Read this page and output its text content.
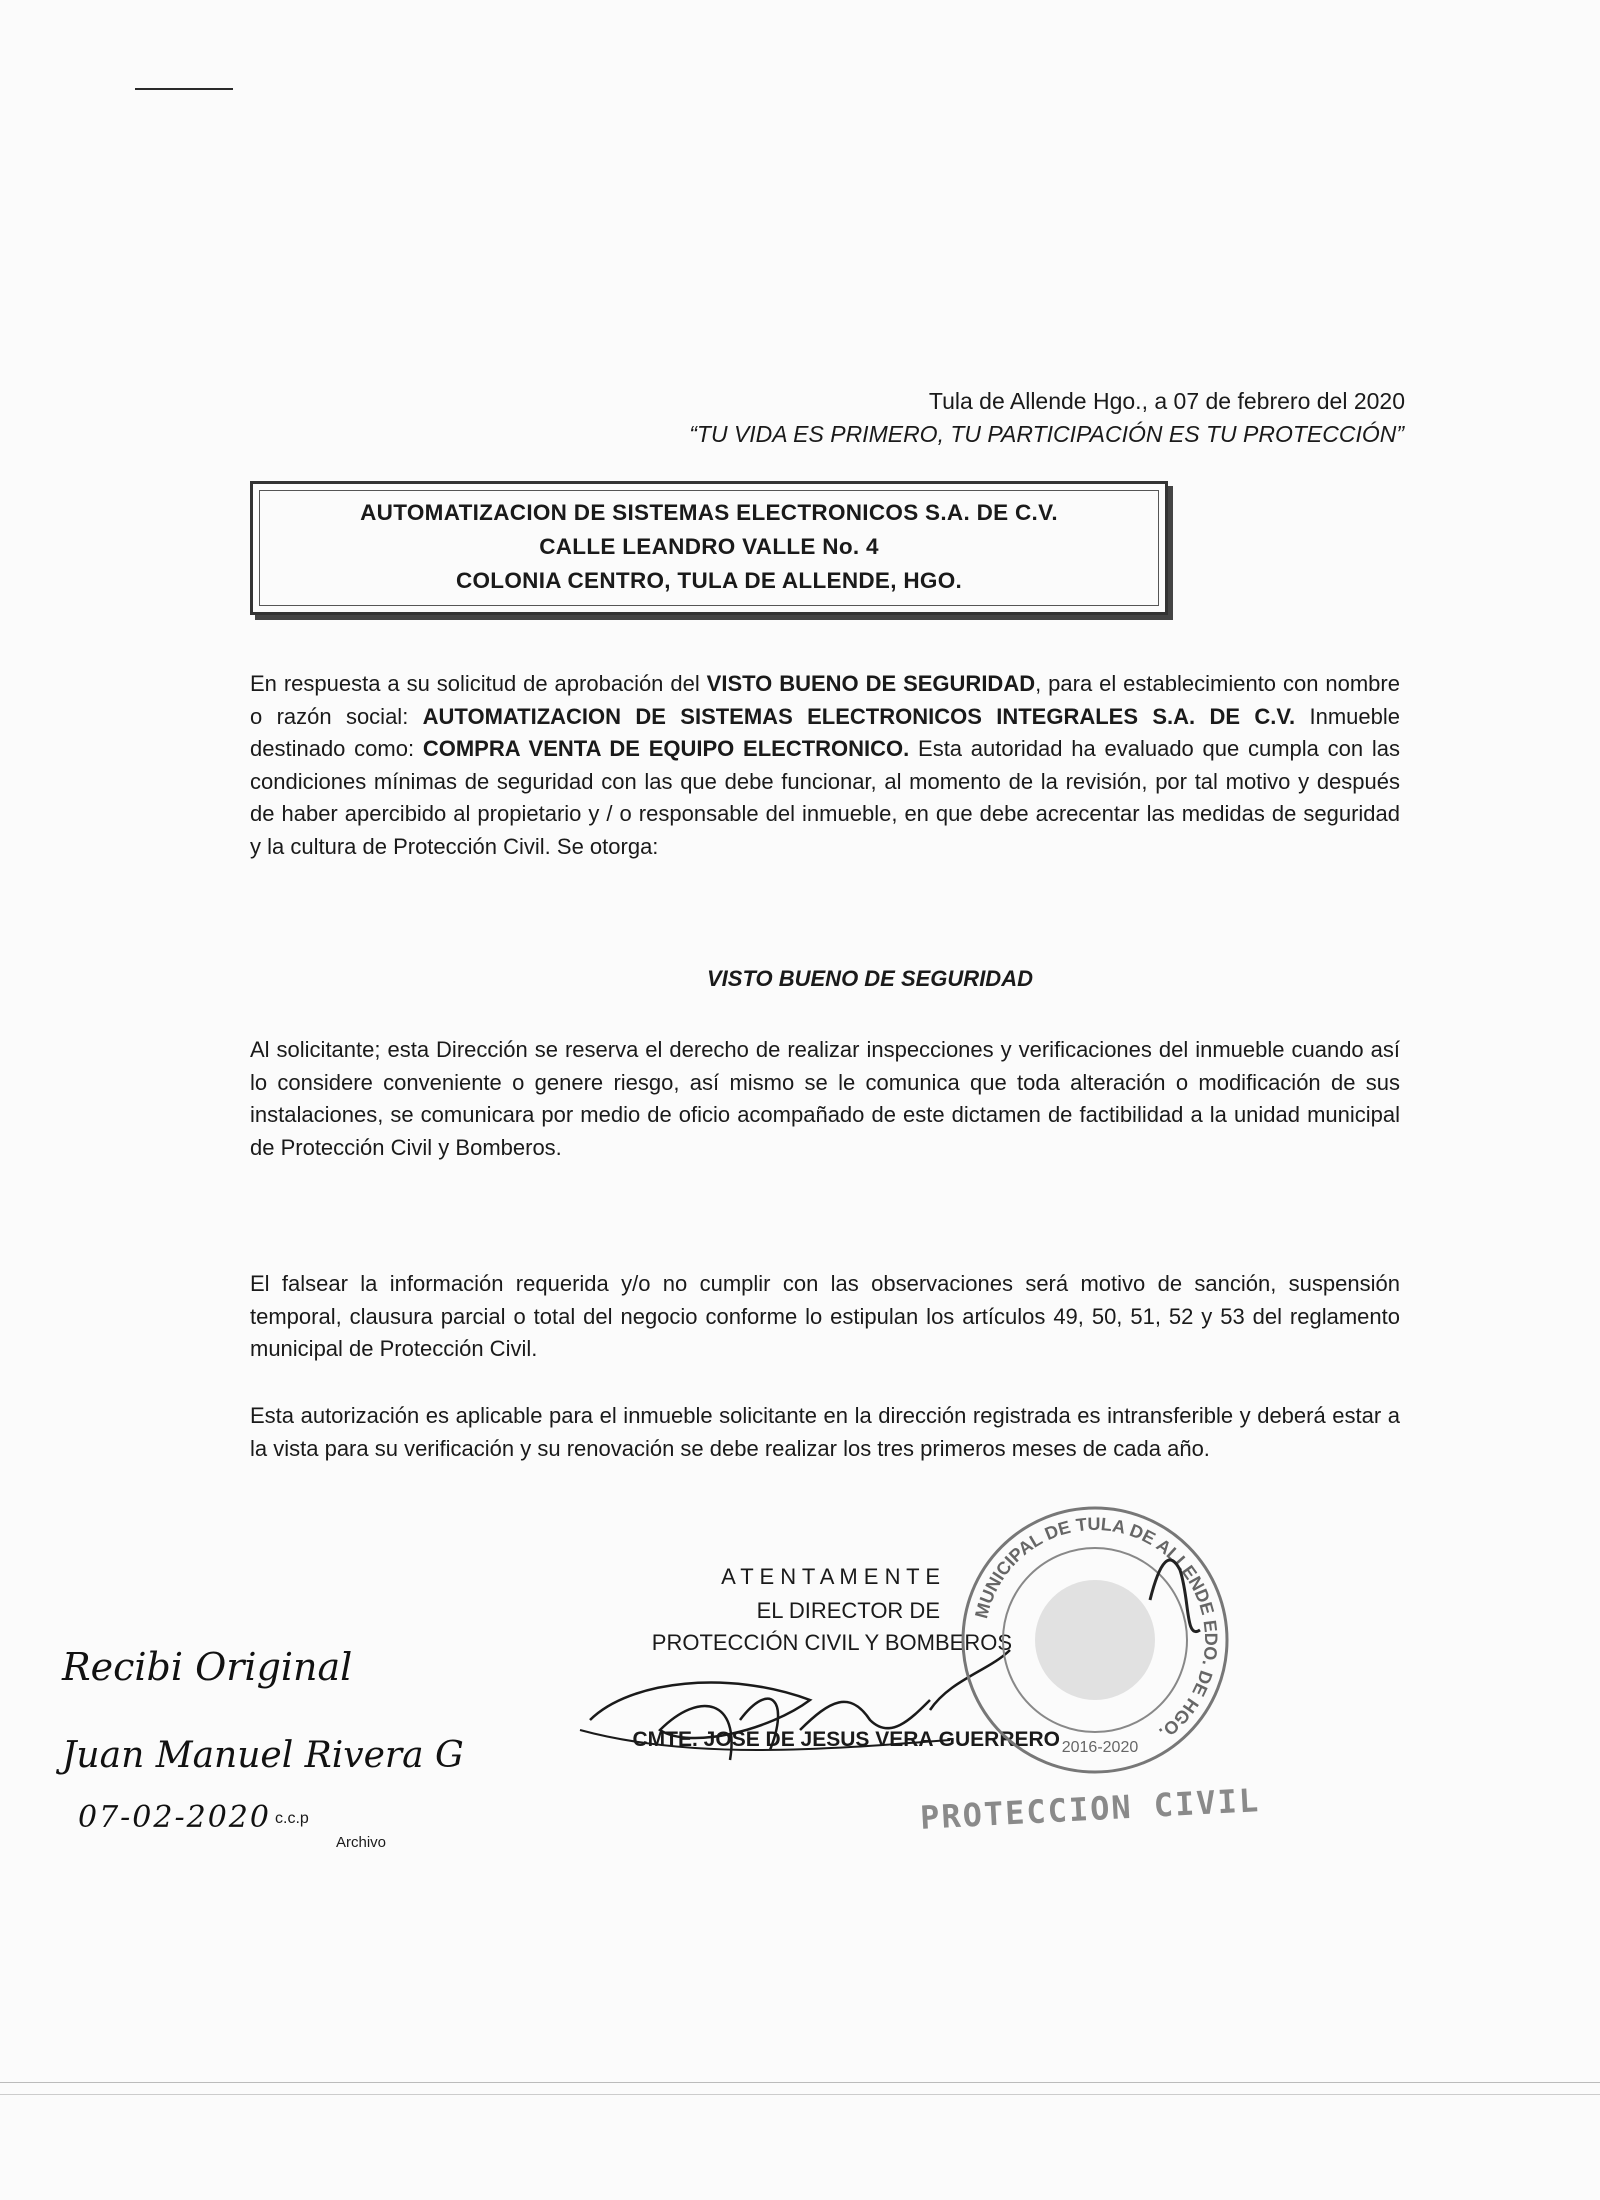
Tula de Allende Hgo., a 07 de febrero del 2020
“TU VIDA ES PRIMERO, TU PARTICIPACIÓN ES TU PROTECCIÓN”
AUTOMATIZACION DE SISTEMAS ELECTRONICOS S.A. DE C.V.
CALLE LEANDRO VALLE No. 4
COLONIA CENTRO, TULA DE ALLENDE, HGO.
En respuesta a su solicitud de aprobación del VISTO BUENO DE SEGURIDAD, para el establecimiento con nombre o razón social: AUTOMATIZACION DE SISTEMAS ELECTRONICOS INTEGRALES S.A. DE C.V. Inmueble destinado como: COMPRA VENTA DE EQUIPO ELECTRONICO. Esta autoridad ha evaluado que cumpla con las condiciones mínimas de seguridad con las que debe funcionar, al momento de la revisión, por tal motivo y después de haber apercibido al propietario y / o responsable del inmueble, en que debe acrecentar las medidas de seguridad y la cultura de Protección Civil. Se otorga:
VISTO BUENO DE SEGURIDAD
Al solicitante; esta Dirección se reserva el derecho de realizar inspecciones y verificaciones del inmueble cuando así lo considere conveniente o genere riesgo, así mismo se le comunica que toda alteración o modificación de sus instalaciones, se comunicara por medio de oficio acompañado de este dictamen de factibilidad a la unidad municipal de Protección Civil y Bomberos.
El falsear la información requerida y/o no cumplir con las observaciones será motivo de sanción, suspensión temporal, clausura parcial o total del negocio conforme lo estipulan los artículos 49, 50, 51, 52 y 53 del reglamento municipal de Protección Civil.
Esta autorización es aplicable para el inmueble solicitante en la dirección registrada es intransferible y deberá estar a la vista para su verificación y su renovación se debe realizar los tres primeros meses de cada año.
A T E N T A M E N T E
EL DIRECTOR DE
PROTECCIÓN CIVIL Y BOMBEROS
CMTE. JOSE DE JESUS VERA GUERRERO
MUNICIPAL DE TULA DE ALLENDE EDO. DE HGO.
2016-2020
PROTECCION CIVIL
Recibi Original
Juan Manuel Rivera G
07-02-2020 c.c.p
Archivo
